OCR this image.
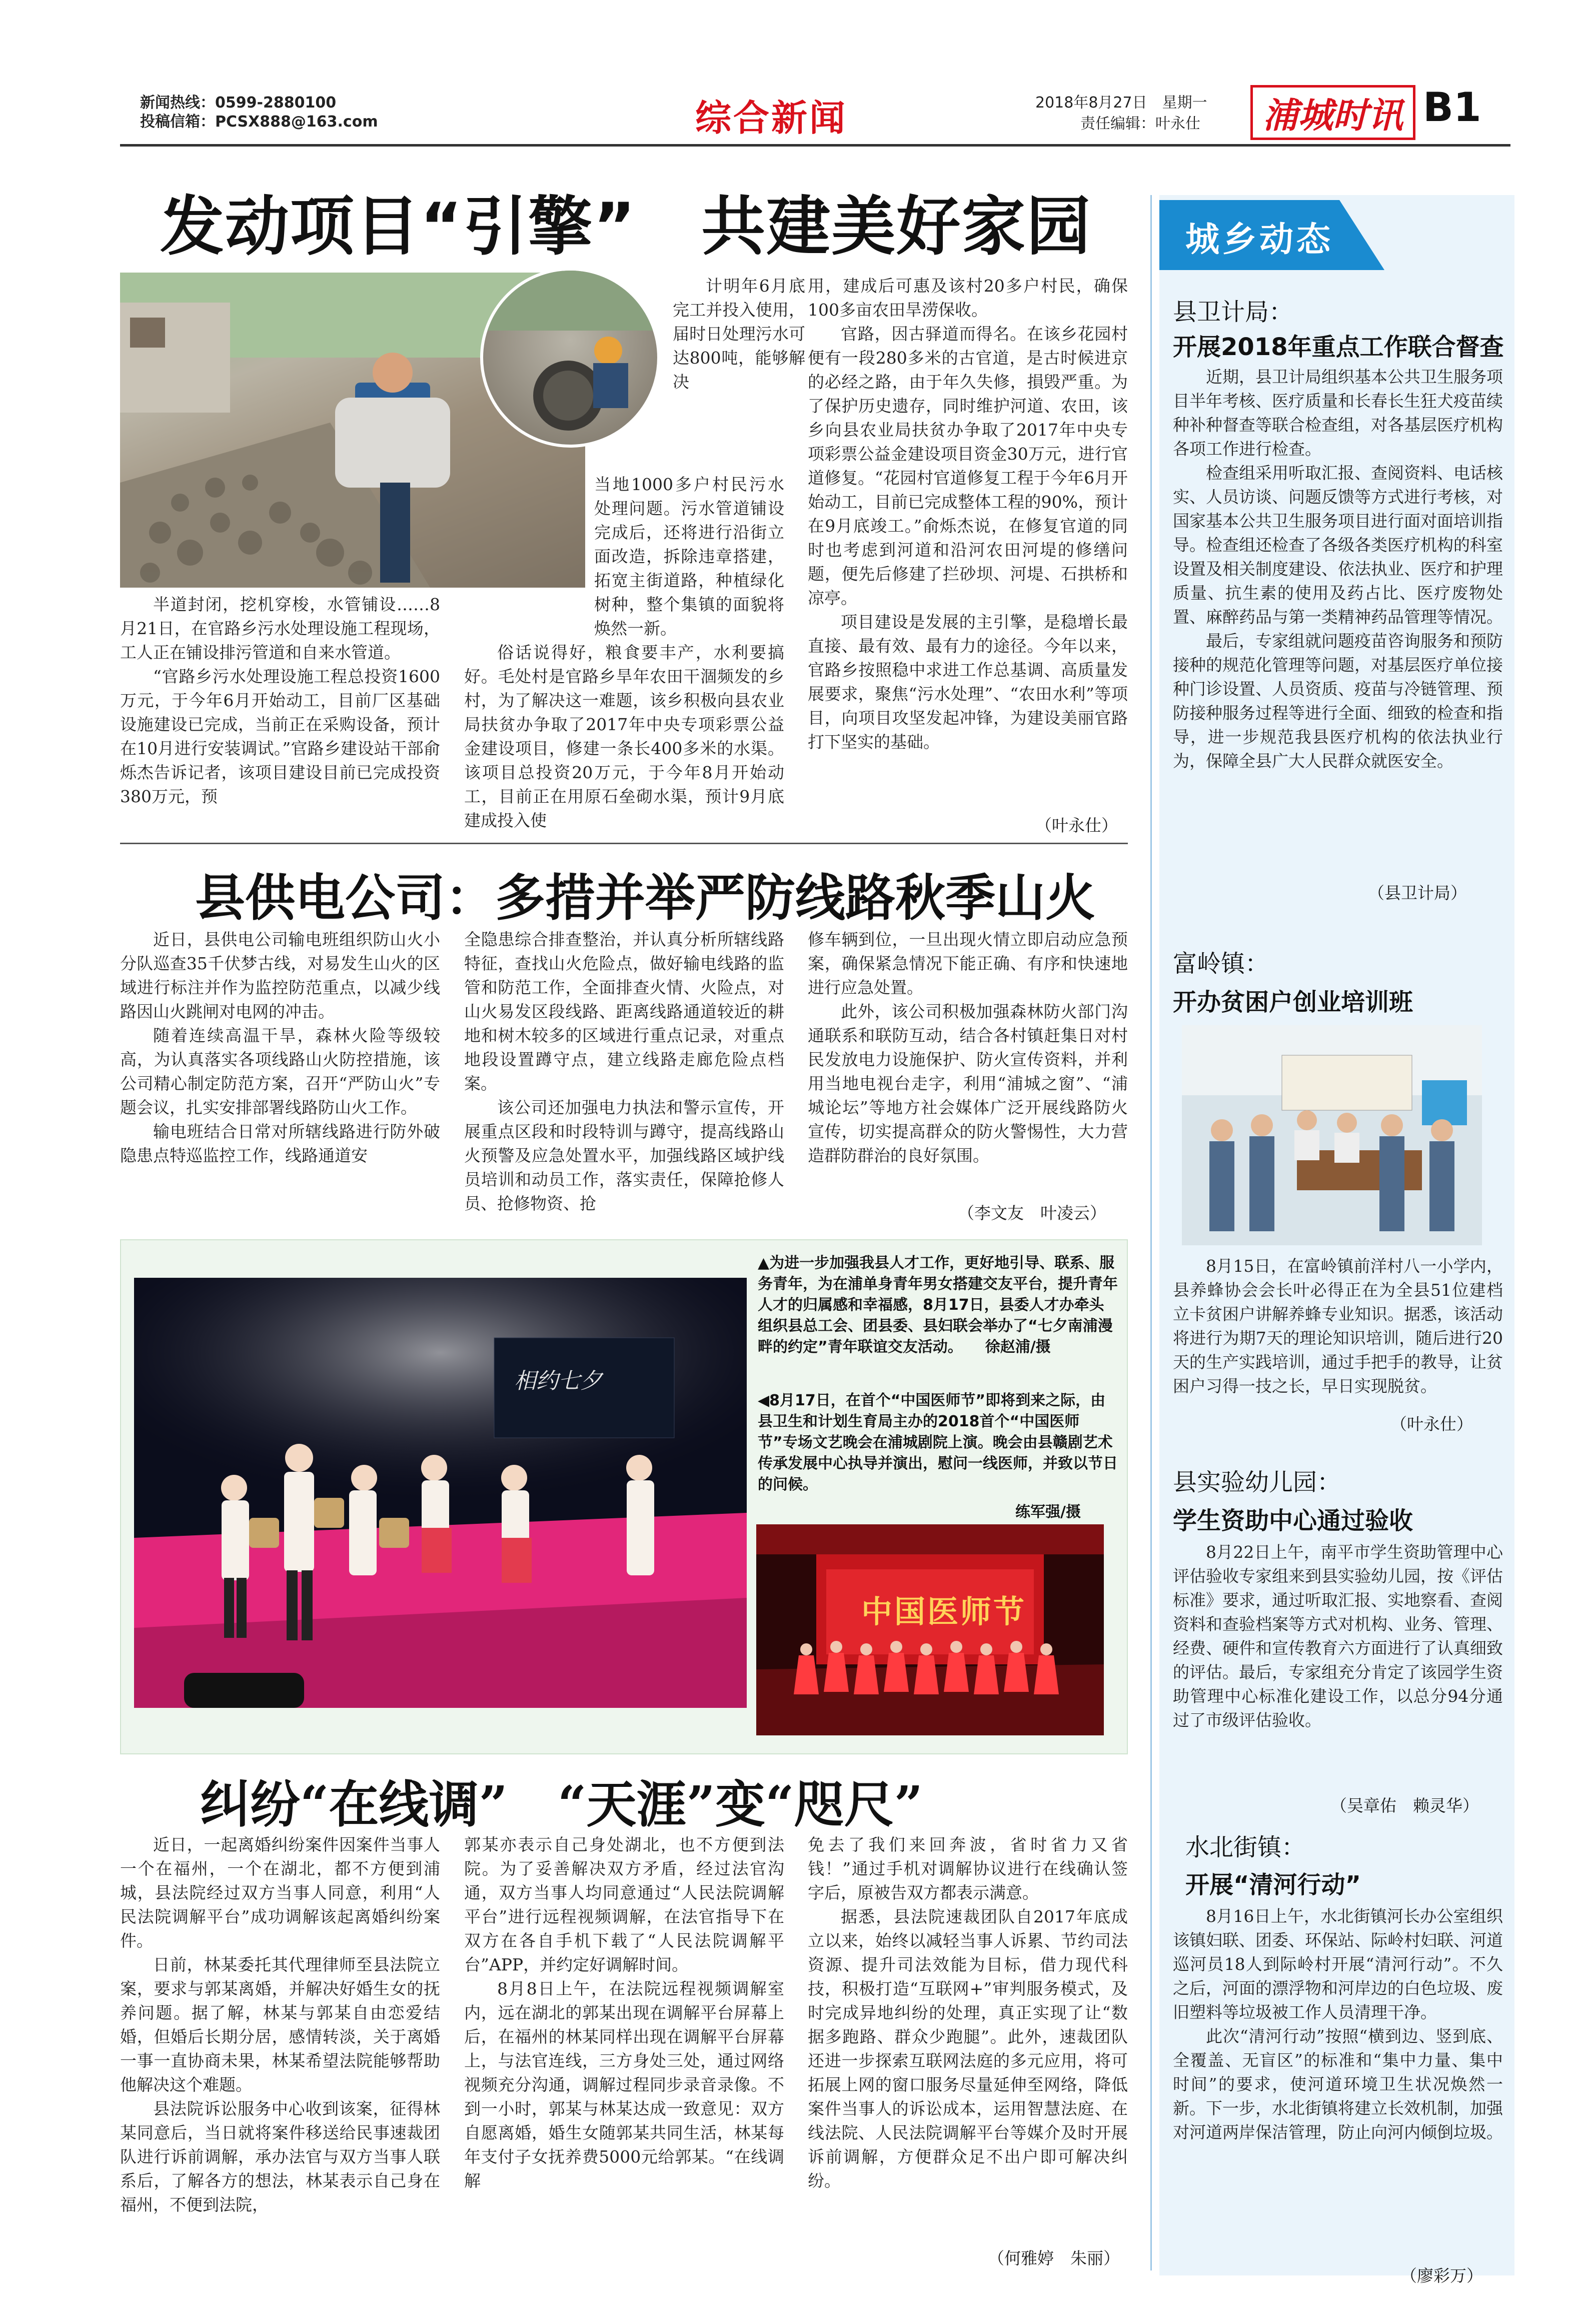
新闻热线：0599-2880100
投稿信箱：PCSX888@163.com	综合新闻	2018年8月27日　星期一
责任编辑：叶永仕 浦城时讯 B1
发动项目“引擎”　共建美好家园

计明年6月底完工并投入使用，届时日处理污水可达800吨，能够解决

半道封闭，挖机穿梭，水管铺设……8月21日，在官路乡污水处理设施工程现场，工人正在铺设排污管道和自来水管道。

“官路乡污水处理设施工程总投资1600万元，于今年6月开始动工，目前厂区基础设施建设已完成，当前正在采购设备，预计在10月进行安装调试。”官路乡建设站干部俞烁杰告诉记者，该项目建设目前已完成投资380万元，预

当地1000多户村民污水处理问题。污水管道铺设完成后，还将进行沿街立面改造，拆除违章搭建，拓宽主街道路，种植绿化树种，整个集镇的面貌将焕然一新。

俗话说得好，粮食要丰产，水利要搞好。毛处村是官路乡旱年农田干涸频发的乡村，为了解决这一难题，该乡积极向县农业局扶贫办争取了2017年中央专项彩票公益金建设项目，修建一条长400多米的水渠。该项目总投资20万元，于今年8月开始动工，目前正在用原石垒砌水渠，预计9月底建成投入使

用，建成后可惠及该村20多户村民，确保100多亩农田旱涝保收。

官路，因古驿道而得名。在该乡花园村便有一段280多米的古官道，是古时候进京的必经之路，由于年久失修，損毁严重。为了保护历史遗存，同时维护河道、农田，该乡向县农业局扶贫办争取了2017年中央专项彩票公益金建设项目资金30万元，进行官道修复。“花园村官道修复工程于今年6月开始动工，目前已完成整体工程的90%，预计在9月底竣工。”俞烁杰说，在修复官道的同时也考虑到河道和沿河农田河堤的修缮问题，便先后修建了拦砂坝、河堤、石拱桥和凉亭。

项目建设是发展的主引擎，是稳增长最直接、最有效、最有力的途径。今年以来，官路乡按照稳中求进工作总基调、高质量发展要求，聚焦“污水处理”、“农田水利”等项目，向项目攻坚发起冲锋，为建设美丽官路打下坚实的基础。

（叶永仕）
县供电公司：多措并举严防线路秋季山火

近日，县供电公司输电班组织防山火小分队巡查35千伏梦古线，对易发生山火的区域进行标注并作为监控防范重点，以减少线路因山火跳闸对电网的冲击。

随着连续高温干旱，森林火险等级较高，为认真落实各项线路山火防控措施，该公司精心制定防范方案，召开“严防山火”专题会议，扎实安排部署线路防山火工作。

输电班结合日常对所辖线路进行防外破隐患点特巡监控工作，线路通道安

全隐患综合排查整治，并认真分析所辖线路特征，查找山火危险点，做好输电线路的监管和防范工作，全面排查火情、火险点，对山火易发区段线路、距离线路通道较近的耕地和树木较多的区域进行重点记录，对重点地段设置蹲守点，建立线路走廊危险点档案。

该公司还加强电力执法和警示宣传，开展重点区段和时段特训与蹲守，提高线路山火预警及应急处置水平，加强线路区域护线员培训和动员工作，落实责任，保障抢修人员、抢修物资、抢

修车辆到位，一旦出现火情立即启动应急预案，确保紧急情况下能正确、有序和快速地进行应急处置。

此外，该公司积极加强森林防火部门沟通联系和联防互动，结合各村镇赶集日对村民发放电力设施保护、防火宣传资料，并利用当地电视台走字，利用“浦城之窗”、“浦城论坛”等地方社会媒体广泛开展线路防火宣传，切实提高群众的防火警惕性，大力营造群防群治的良好氛围。

（李文友　叶凌云）
相约七夕
▲为进一步加强我县人才工作，更好地引导、联系、服务青年，为在浦单身青年男女搭建交友平台，提升青年人才的归属感和幸福感，8月17日，县委人才办牵头组织县总工会、团县委、县妇联会举办了“七夕南浦漫畔的约定”青年联谊交友活动。　　徐赵浦/摄
◀8月17日，在首个“中国医师节”即将到来之际，由县卫生和计划生育局主办的2018首个“中国医师节”专场文艺晚会在浦城剧院上演。晚会由县赣剧艺术传承发展中心执导并演出，慰问一线医师，并致以节日的问候。
练军强/摄
中国医师节
纠纷“在线调”　“天涯”变“咫尺”

近日，一起离婚纠纷案件因案件当事人一个在福州，一个在湖北，都不方便到浦城，县法院经过双方当事人同意，利用“人民法院调解平台”成功调解该起离婚纠纷案件。

日前，林某委托其代理律师至县法院立案，要求与郭某离婚，并解决好婚生女的抚养问题。据了解，林某与郭某自由恋爱结婚，但婚后长期分居，感情转淡，关于离婚一事一直协商未果，林某希望法院能够帮助他解决这个难题。

县法院诉讼服务中心收到该案，征得林某同意后，当日就将案件移送给民事速裁团队进行诉前调解，承办法官与双方当事人联系后，了解各方的想法，林某表示自己身在福州，不便到法院，

郭某亦表示自己身处湖北，也不方便到法院。为了妥善解决双方矛盾，经过法官沟通，双方当事人均同意通过“人民法院调解平台”进行远程视频调解，在法官指导下在双方在各自手机下载了“人民法院调解平台”APP，并约定好调解时间。

8月8日上午，在法院远程视频调解室内，远在湖北的郭某出现在调解平台屏幕上后，在福州的林某同样出现在调解平台屏幕上，与法官连线，三方身处三处，通过网络视频充分沟通，调解过程同步录音录像。不到一小时，郭某与林某达成一致意见：双方自愿离婚，婚生女随郭某共同生活，林某每年支付子女抚养费5000元给郭某。“在线调解

免去了我们来回奔波，省时省力又省钱！”通过手机对调解协议进行在线确认签字后，原被告双方都表示满意。

据悉，县法院速裁团队自2017年底成立以来，始终以减轻当事人诉累、节约司法资源、提升司法效能为目标，借力现代科技，积极打造“互联网+”审判服务模式，及时完成异地纠纷的处理，真正实现了让“数据多跑路、群众少跑腿”。此外，速裁团队还进一步探索互联网法庭的多元应用，将可拓展上网的窗口服务尽量延伸至网络，降低案件当事人的诉讼成本，运用智慧法庭、在线法院、人民法院调解平台等媒介及时开展诉前调解，方便群众足不出户即可解决纠纷。

（何雅婷　朱丽）
城乡动态
县卫计局：
开展2018年重点工作联合督查

近期，县卫计局组织基本公共卫生服务项目半年考核、医疗质量和长春长生狂犬疫苗续种补种督查等联合检查组，对各基层医疗机构各项工作进行检查。

检查组采用听取汇报、查阅资料、电话核实、人员访谈、问题反馈等方式进行考核，对国家基本公共卫生服务项目进行面对面培训指导。检查组还检查了各级各类医疗机构的科室设置及相关制度建设、依法执业、医疗和护理质量、抗生素的使用及药占比、医疗废物处置、麻醉药品与第一类精神药品管理等情况。

最后，专家组就问题疫苗咨询服务和预防接种的规范化管理等问题，对基层医疗单位接种门诊设置、人员资质、疫苗与冷链管理、预防接种服务过程等进行全面、细致的检查和指导，进一步规范我县医疗机构的依法执业行为，保障全县广大人民群众就医安全。

（县卫计局）
富岭镇：
开办贫困户创业培训班

8月15日，在富岭镇前洋村八一小学内，县养蜂协会会长叶必得正在为全县51位建档立卡贫困户讲解养蜂专业知识。据悉，该活动将进行为期7天的理论知识培训，随后进行20天的生产实践培训，通过手把手的教导，让贫困户习得一技之长，早日实现脱贫。

（叶永仕）
县实验幼儿园：
学生资助中心通过验收

8月22日上午，南平市学生资助管理中心评估验收专家组来到县实验幼儿园，按《评估标准》要求，通过听取汇报、实地察看、查阅资料和查验档案等方式对机构、业务、管理、经费、硬件和宣传教育六方面进行了认真细致的评估。最后，专家组充分肯定了该园学生资助管理中心标准化建设工作，以总分94分通过了市级评估验收。

（吴章佑　赖灵华）
水北街镇：
开展“清河行动”

8月16日上午，水北街镇河长办公室组织该镇妇联、团委、环保站、际岭村妇联、河道巡河员18人到际岭村开展“清河行动”。不久之后，河面的漂浮物和河岸边的白色垃圾、废旧塑料等垃圾被工作人员清理干净。

此次“清河行动”按照“横到边、竖到底、全覆盖、无盲区”的标准和“集中力量、集中时间”的要求，使河道环境卫生状况焕然一新。下一步，水北街镇将建立长效机制，加强对河道两岸保洁管理，防止向河内倾倒垃圾。

（廖彩万）
